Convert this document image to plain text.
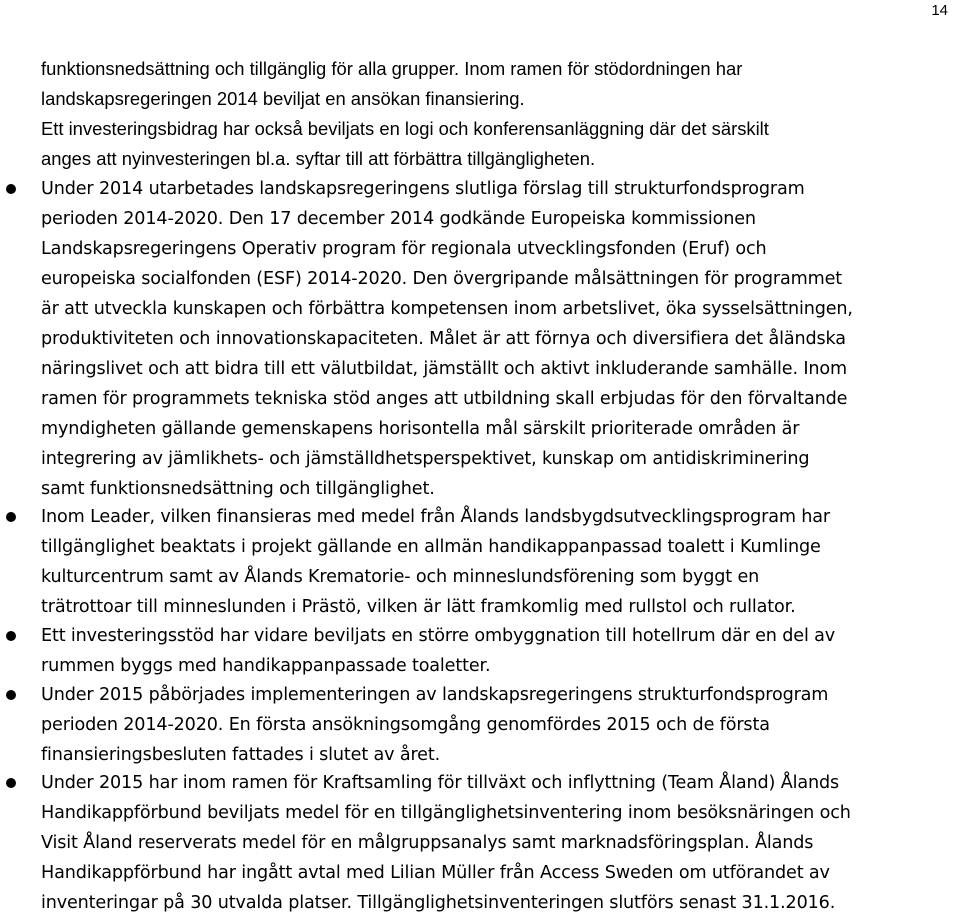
14
funktionsnedsättning och tillgänglig för alla grupper. Inom ramen för stödordningen har
landskapsregeringen 2014 beviljat en ansökan finansiering.
Ett investeringsbidrag har också beviljats en logi och konferensanläggning där det särskilt
anges att nyinvesteringen bl.a. syftar till att förbättra tillgängligheten.
Under 2014 utarbetades landskapsregeringens slutliga förslag till strukturfondsprogram
perioden 2014-2020. Den 17 december 2014 godkände Europeiska kommissionen
Landskapsregeringens Operativ program för regionala utvecklingsfonden (Eruf) och
europeiska socialfonden (ESF) 2014-2020. Den övergripande målsättningen för programmet
är att utveckla kunskapen och förbättra kompetensen inom arbetslivet, öka sysselsättningen,
produktiviteten och innovationskapaciteten. Målet är att förnya och diversifiera det åländska
näringslivet och att bidra till ett välutbildat, jämställt och aktivt inkluderande samhälle. Inom
ramen för programmets tekniska stöd anges att utbildning skall erbjudas för den förvaltande
myndigheten gällande gemenskapens horisontella mål särskilt prioriterade områden är
integrering av jämlikhets- och jämställdhetsperspektivet, kunskap om antidiskriminering
samt funktionsnedsättning och tillgänglighet.
Inom Leader, vilken finansieras med medel från Ålands landsbygdsutvecklingsprogram har
tillgänglighet beaktats i projekt gällande en allmän handikappanpassad toalett i Kumlinge
kulturcentrum samt av Ålands Krematorie- och minneslundsförening som byggt en
trätrottoar till minneslunden i Prästö, vilken är lätt framkomlig med rullstol och rullator.
Ett investeringsstöd har vidare beviljats en större ombyggnation till hotellrum där en del av
rummen byggs med handikappanpassade toaletter.
Under 2015 påbörjades implementeringen av landskapsregeringens strukturfondsprogram
perioden 2014-2020. En första ansökningsomgång genomfördes 2015 och de första
finansieringsbesluten fattades i slutet av året.
Under 2015 har inom ramen för Kraftsamling för tillväxt och inflyttning (Team Åland) Ålands
Handikappförbund beviljats medel för en tillgänglighetsinventering inom besöksnäringen och
Visit Åland reserverats medel för en målgruppsanalys samt marknadsföringsplan. Ålands
Handikappförbund har ingått avtal med Lilian Müller från Access Sweden om utförandet av
inventeringar på 30 utvalda platser. Tillgänglighetsinventeringen slutförs senast 31.1.2016.
